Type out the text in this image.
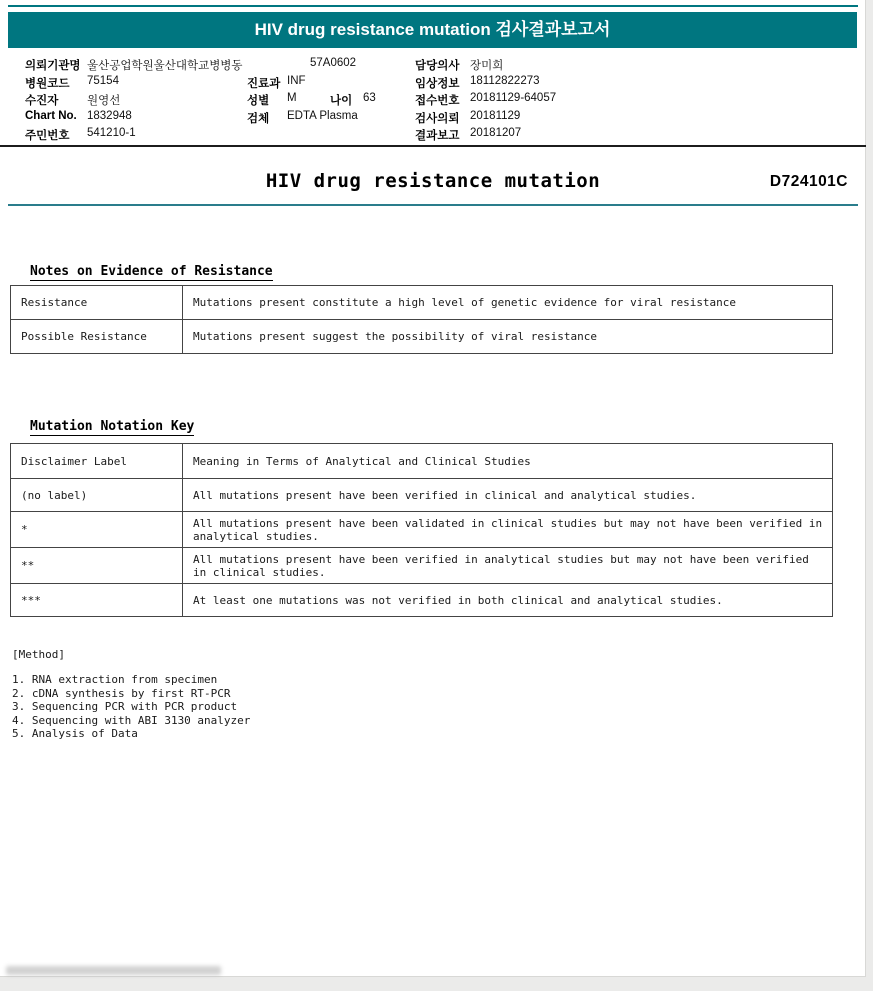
HIV drug resistance mutation 검사결과보고서
의뢰기관명 울산공업학원울산대학교병병동	57A0602	담당의사 장미희
병원코드 75154	진료과 INF	임상정보 18112822273
수진자 원영선	성별 M	나이 63	접수번호 20181129-64057
Chart No. 1832948	검체 EDTA Plasma	검사의뢰 20181129
주민번호 541210-1	결과보고 20181207
HIV drug resistance mutation	D724101C
Notes on Evidence of Resistance
Resistance	Mutations present constitute a high level of genetic evidence for viral resistance
Possible Resistance	Mutations present suggest the possibility of viral resistance
Mutation Notation Key
Disclaimer Label	Meaning in Terms of Analytical and Clinical Studies
(no label)	All mutations present have been verified in clinical and analytical studies.
*	All mutations present have been validated in clinical studies but may not have been verified in analytical studies.
**	All mutations present have been verified in analytical studies but may not have been verified in clinical studies.
***	At least one mutations was not verified in both clinical and analytical studies.
[Method]
1. RNA extraction from specimen
2. cDNA synthesis by first RT-PCR
3. Sequencing PCR with PCR product
4. Sequencing with ABI 3130 analyzer
5. Analysis of Data
